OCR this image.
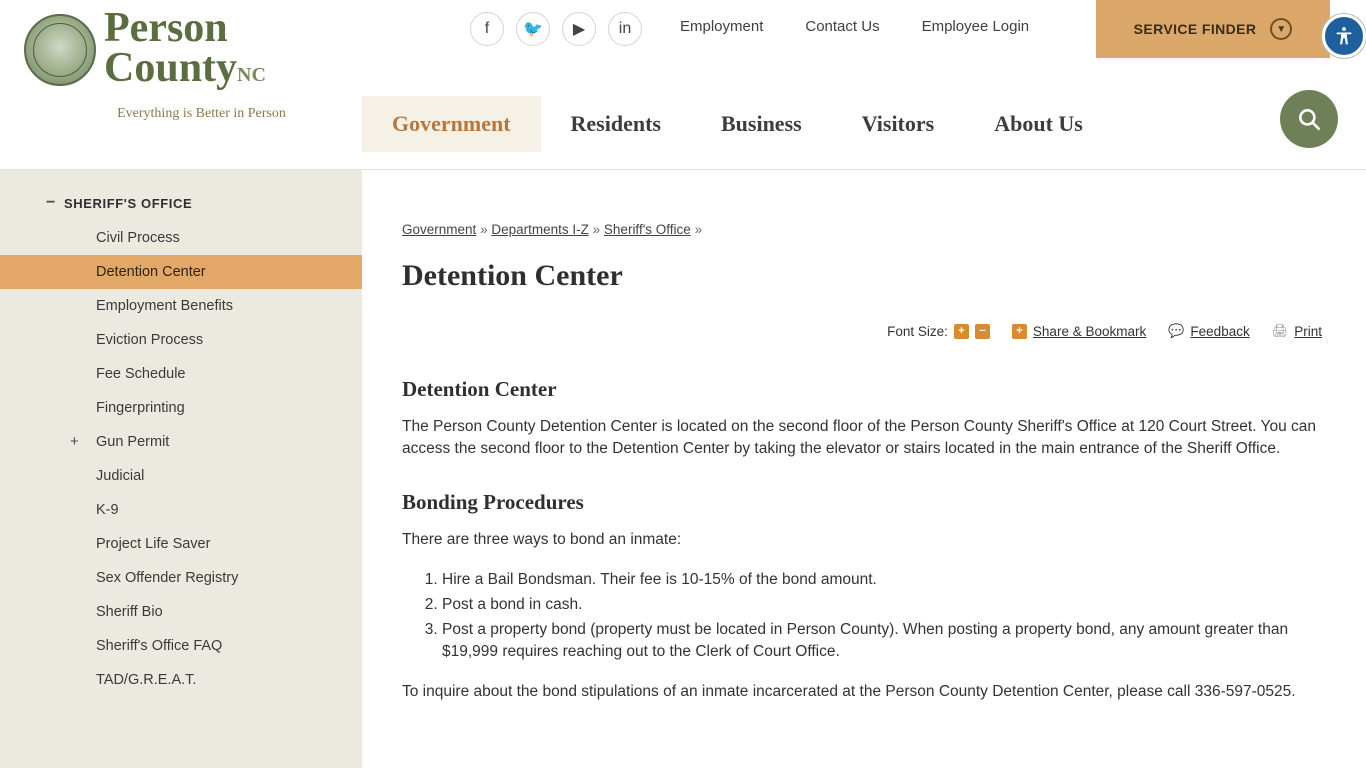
Person
CountyNC
Everything is Better in Person
f	🐦	▶	in	Employment	Contact Us	Employee Login	SERVICE FINDER	▼
Government	Residents	Business	Visitors	About Us
− SHERIFF'S OFFICE
Civil Process
Detention Center
Employment Benefits
Eviction Process
Fee Schedule
Fingerprinting
+ Gun Permit
Judicial
K-9
Project Life Saver
Sex Offender Registry
Sheriff Bio
Sheriff's Office FAQ
TAD/G.R.E.A.T.
Government » Departments I-Z » Sheriff's Office »
Detention Center
Font Size: +	−	+ Share & Bookmark 💬 Feedback 🖨 Print
Detention Center

The Person County Detention Center is located on the second floor of the Person County Sheriff's Office at 120 Court Street. You can access the second floor to the Detention Center by taking the elevator or stairs located in the main entrance of the Sheriff Office.

Bonding Procedures

There are three ways to bond an inmate:

1. Hire a Bail Bondsman. Their fee is 10-15% of the bond amount.
2. Post a bond in cash.
3. Post a property bond (property must be located in Person County). When posting a property bond, any amount greater than $19,999 requires reaching out to the Clerk of Court Office.

To inquire about the bond stipulations of an inmate incarcerated at the Person County Detention Center, please call 336-597-0525.
